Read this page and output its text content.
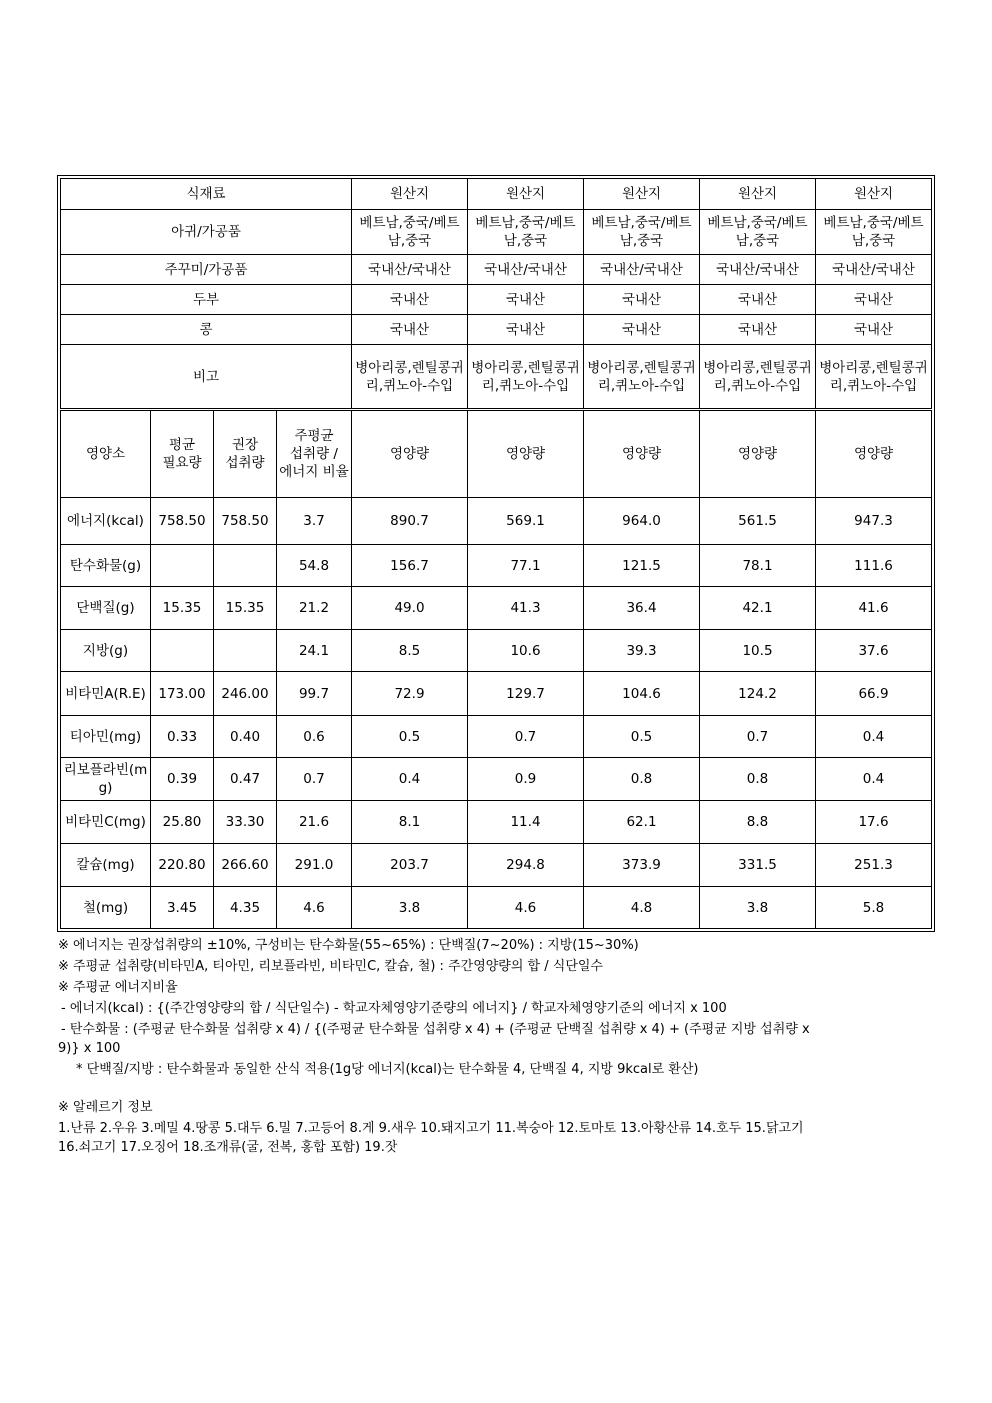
식재료				원산지	원산지	원산지	원산지	원산지
아귀/가공품				베트남,중국/베트남,중국	베트남,중국/베트남,중국	베트남,중국/베트남,중국	베트남,중국/베트남,중국	베트남,중국/베트남,중국
주꾸미/가공품				국내산/국내산	국내산/국내산	국내산/국내산	국내산/국내산	국내산/국내산
두부				국내산	국내산	국내산	국내산	국내산
콩				국내산	국내산	국내산	국내산	국내산
비고				병아리콩,렌틸콩귀리,퀴노아-수입	병아리콩,렌틸콩귀리,퀴노아-수입	병아리콩,렌틸콩귀리,퀴노아-수입	병아리콩,렌틸콩귀리,퀴노아-수입	병아리콩,렌틸콩귀리,퀴노아-수입
영양소	평균 필요량	권장 섭취량	주평균 섭취량 /에너지 비율	영양량	영양량	영양량	영양량	영양량
에너지(kcal)	758.50	758.50	3.7	890.7	569.1	964.0	561.5	947.3
탄수화물(g)			54.8	156.7	77.1	121.5	78.1	111.6
단백질(g)	15.35	15.35	21.2	49.0	41.3	36.4	42.1	41.6
지방(g)			24.1	8.5	10.6	39.3	10.5	37.6
비타민A(R.E)	173.00	246.00	99.7	72.9	129.7	104.6	124.2	66.9
티아민(mg)	0.33	0.40	0.6	0.5	0.7	0.5	0.7	0.4
리보플라빈(mg)	0.39	0.47	0.7	0.4	0.9	0.8	0.8	0.4
비타민C(mg)	25.80	33.30	21.6	8.1	11.4	62.1	8.8	17.6
칼슘(mg)	220.80	266.60	291.0	203.7	294.8	373.9	331.5	251.3
철(mg)	3.45	4.35	4.6	3.8	4.6	4.8	3.8	5.8
※ 에너지는 권장섭취량의 ±10%, 구성비는 탄수화물(55~65%) : 단백질(7~20%) : 지방(15~30%)
※ 주평균 섭취량(비타민A, 티아민, 리보플라빈, 비타민C, 칼슘, 철) : 주간영양량의 합 / 식단일수
※ 주평균 에너지비율
- 에너지(kcal) : {(주간영양량의 합 / 식단일수) - 학교자체영양기준량의 에너지} / 학교자체영양기준의 에너지 x 100
- 탄수화물 : (주평균 탄수화물 섭취량 x 4) / {(주평균 탄수화물 섭취량 x 4) + (주평균 단백질 섭취량 x 4) + (주평균 지방 섭취량 x
9)} x 100
* 단백질/지방 : 탄수화물과 동일한 산식 적용(1g당 에너지(kcal)는 탄수화물 4, 단백질 4, 지방 9kcal로 환산)
※ 알레르기 정보
1.난류 2.우유 3.메밀 4.땅콩 5.대두 6.밀 7.고등어 8.게 9.새우 10.돼지고기 11.복숭아 12.토마토 13.아황산류 14.호두 15.닭고기
16.쇠고기 17.오징어 18.조개류(굴, 전복, 홍합 포함) 19.잣
